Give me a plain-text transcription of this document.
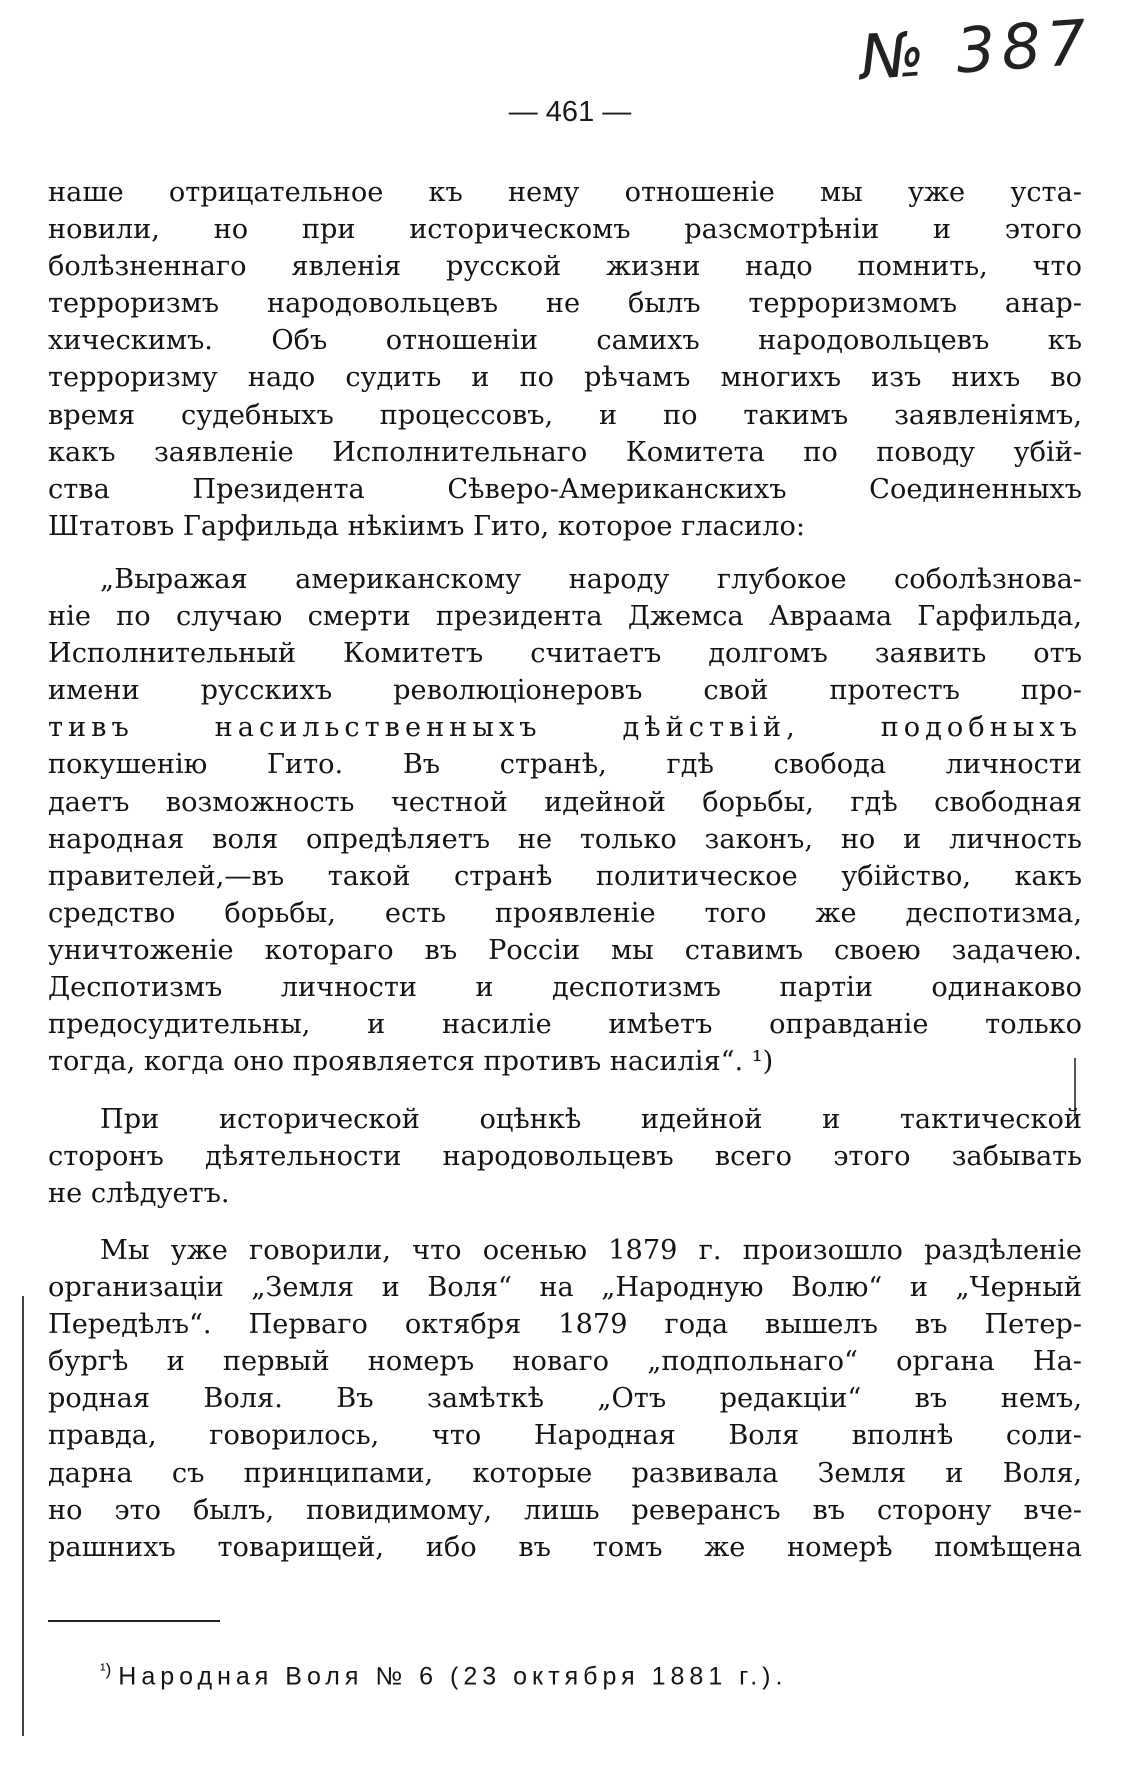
№ 387
— 461 —
наше отрицательное къ нему отношеніе мы уже уста-
новили, но при историческомъ разсмотрѣніи и этого
болѣзненнаго явленія русской жизни надо помнить, что
терроризмъ народовольцевъ не былъ терроризмомъ анар-
хическимъ. Объ отношеніи самихъ народовольцевъ къ
терроризму надо судить и по рѣчамъ многихъ изъ нихъ во
время судебныхъ процессовъ, и по такимъ заявленіямъ,
какъ заявленіе Исполнительнаго Комитета по поводу убій-
ства Президента Сѣверо-Американскихъ Соединенныхъ
Штатовъ Гарфильда нѣкіимъ Гито, которое гласило:
„Выражая американскому народу глубокое соболѣзнова-
ніе по случаю смерти президента Джемса Авраама Гарфильда,
Исполнительный Комитетъ считаетъ долгомъ заявить отъ
имени русскихъ революціонеровъ свой протестъ про-
тивъ насильственныхъ дѣйствій, подобныхъ
покушенію Гито. Въ странѣ, гдѣ свобода личности
даетъ возможность честной идейной борьбы, гдѣ свободная
народная воля опредѣляетъ не только законъ, но и личность
правителей,—въ такой странѣ политическое убійство, какъ
средство борьбы, есть проявленіе того же деспотизма,
уничтоженіе котораго въ Россіи мы ставимъ своею задачею.
Деспотизмъ личности и деспотизмъ партіи одинаково
предосудительны, и насиліе имѣетъ оправданіе только
тогда, когда оно проявляется противъ насилія“. ¹)
При исторической оцѣнкѣ идейной и тактической
сторонъ дѣятельности народовольцевъ всего этого забывать
не слѣдуетъ.
Мы уже говорили, что осенью 1879 г. произошло раздѣленіе
организаціи „Земля и Воля“ на „Народную Волю“ и „Черный
Передѣлъ“. Перваго октября 1879 года вышелъ въ Петер-
бургѣ и первый номеръ новаго „подпольнаго“ органа На-
родная Воля. Въ замѣткѣ „Отъ редакціи“ въ немъ,
правда, говорилось, что Народная Воля вполнѣ соли-
дарна съ принципами, которые развивала Земля и Воля,
но это былъ, повидимому, лишь реверансъ въ сторону вче-
рашнихъ товарищей, ибо въ томъ же номерѣ помѣщена
$^{^1)}$ Народная Воля № 6 (23 октября 1881 г.).
